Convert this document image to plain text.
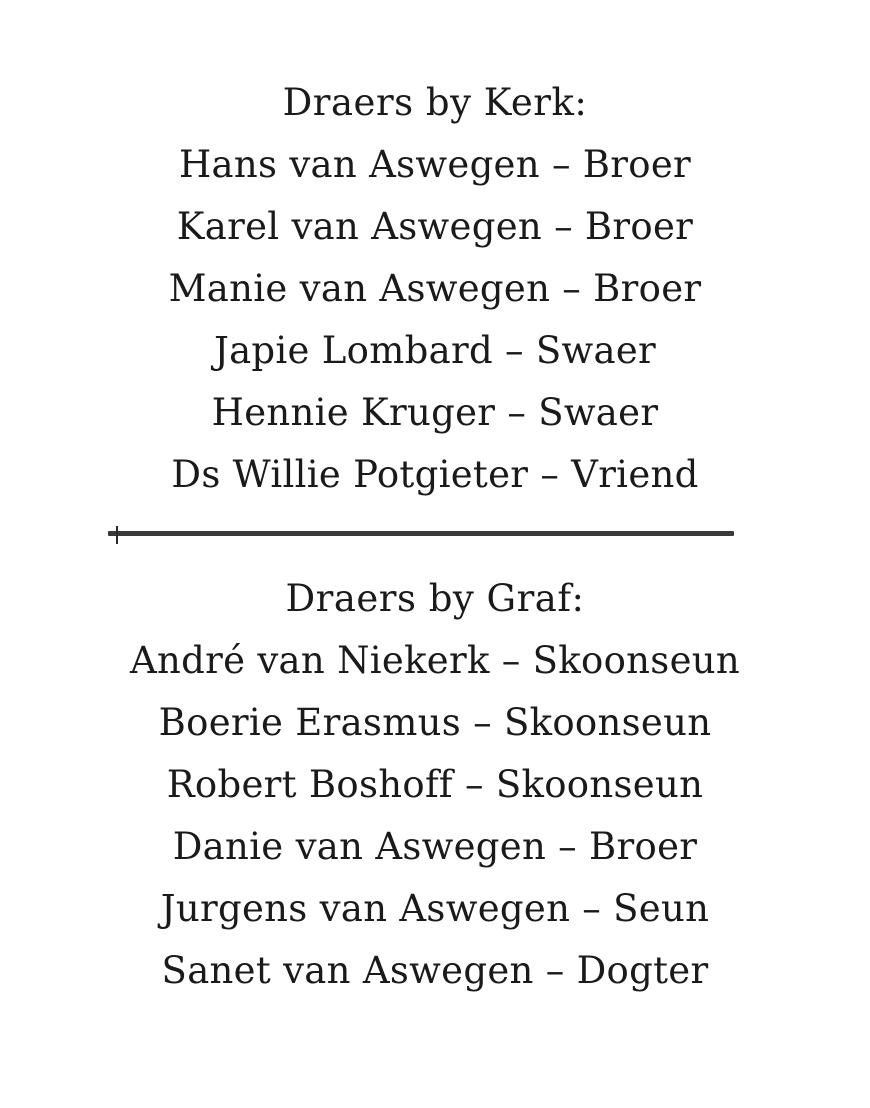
Draers by Kerk:
Hans van Aswegen – Broer
Karel van Aswegen – Broer
Manie van Aswegen – Broer
Japie Lombard – Swaer
Hennie Kruger – Swaer
Ds Willie Potgieter – Vriend
Draers by Graf:
André van Niekerk – Skoonseun
Boerie Erasmus – Skoonseun
Robert Boshoff – Skoonseun
Danie van Aswegen – Broer
Jurgens van Aswegen – Seun
Sanet van Aswegen – Dogter
